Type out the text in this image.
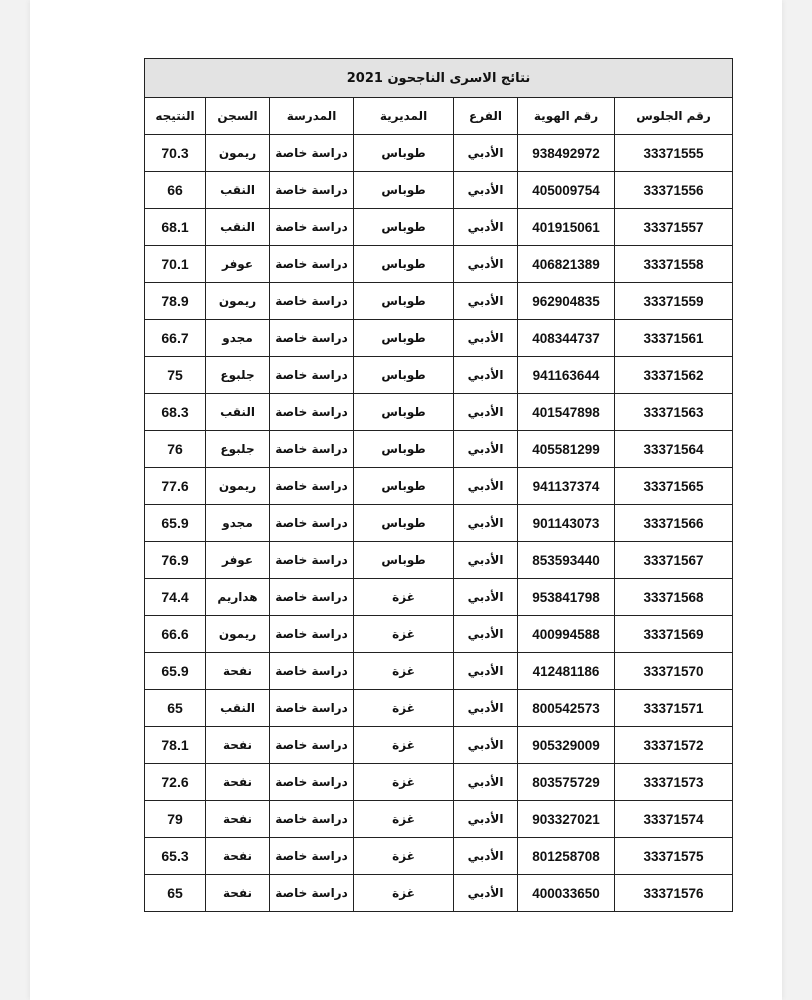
نتائج الاسرى الناجحون 2021						
رقم الجلوس	رقم الهوية	الفرع	المديرية	المدرسة	السجن	النتيجه
33371555	938492972	الأدبي	طوباس	دراسة خاصة	ريمون	70.3
33371556	405009754	الأدبي	طوباس	دراسة خاصة	النقب	66
33371557	401915061	الأدبي	طوباس	دراسة خاصة	النقب	68.1
33371558	406821389	الأدبي	طوباس	دراسة خاصة	عوفر	70.1
33371559	962904835	الأدبي	طوباس	دراسة خاصة	ريمون	78.9
33371561	408344737	الأدبي	طوباس	دراسة خاصة	مجدو	66.7
33371562	941163644	الأدبي	طوباس	دراسة خاصة	جلبوع	75
33371563	401547898	الأدبي	طوباس	دراسة خاصة	النقب	68.3
33371564	405581299	الأدبي	طوباس	دراسة خاصة	جلبوع	76
33371565	941137374	الأدبي	طوباس	دراسة خاصة	ريمون	77.6
33371566	901143073	الأدبي	طوباس	دراسة خاصة	مجدو	65.9
33371567	853593440	الأدبي	طوباس	دراسة خاصة	عوفر	76.9
33371568	953841798	الأدبي	غزة	دراسة خاصة	هداريم	74.4
33371569	400994588	الأدبي	غزة	دراسة خاصة	ريمون	66.6
33371570	412481186	الأدبي	غزة	دراسة خاصة	نفحة	65.9
33371571	800542573	الأدبي	غزة	دراسة خاصة	النقب	65
33371572	905329009	الأدبي	غزة	دراسة خاصة	نفحة	78.1
33371573	803575729	الأدبي	غزة	دراسة خاصة	نفحة	72.6
33371574	903327021	الأدبي	غزة	دراسة خاصة	نفحة	79
33371575	801258708	الأدبي	غزة	دراسة خاصة	نفحة	65.3
33371576	400033650	الأدبي	غزة	دراسة خاصة	نفحة	65
